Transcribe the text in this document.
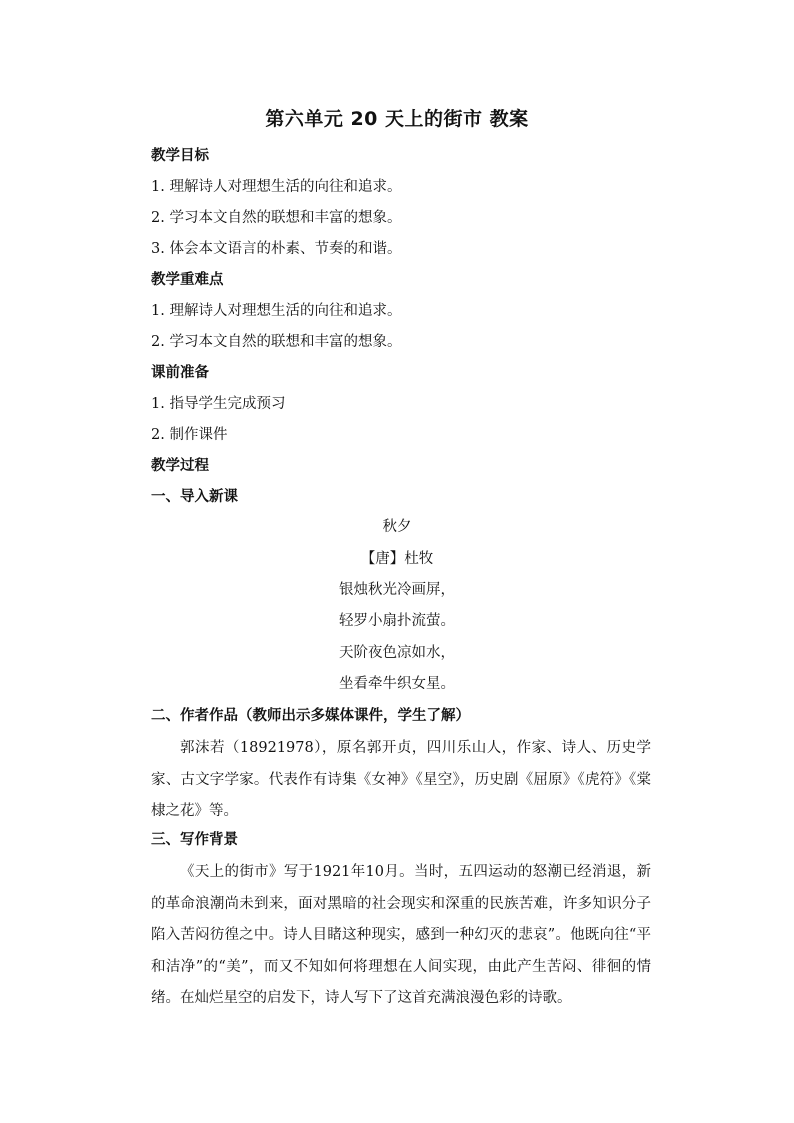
第六单元 20 天上的街市 教案
教学目标
1. 理解诗人对理想生活的向往和追求。
2. 学习本文自然的联想和丰富的想象。
3. 体会本文语言的朴素、节奏的和谐。
教学重难点
1. 理解诗人对理想生活的向往和追求。
2. 学习本文自然的联想和丰富的想象。
课前准备
1. 指导学生完成预习
2. 制作课件
教学过程
一、导入新课
秋夕
【唐】杜牧
银烛秋光冷画屏，
轻罗小扇扑流萤。
天阶夜色凉如水，
坐看牵牛织女星。
二、作者作品（教师出示多媒体课件，学生了解）
郭沫若（18921978），原名郭开贞，四川乐山人，作家、诗人、历史学家、古文字学家。代表作有诗集《女神》《星空》，历史剧《屈原》《虎符》《棠棣之花》等。
三、写作背景
《天上的街市》写于1921年10月。当时，五四运动的怒潮已经消退，新的革命浪潮尚未到来，面对黑暗的社会现实和深重的民族苦难，许多知识分子陷入苦闷彷徨之中。诗人目睹这种现实，感到一种幻灭的悲哀”。他既向往“平和洁净”的“美”，而又不知如何将理想在人间实现，由此产生苦闷、徘徊的情绪。在灿烂星空的启发下，诗人写下了这首充满浪漫色彩的诗歌。
